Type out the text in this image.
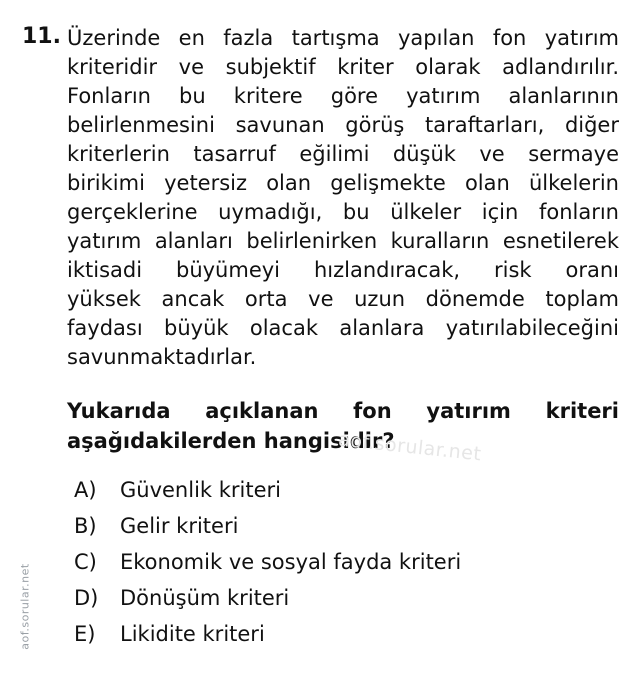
11. Üzerinde en fazla tartışma yapılan fon yatırım
kriteridir ve subjektif kriter olarak adlandırılır.
Fonların bu kritere göre yatırım alanlarının
belirlenmesini savunan görüş taraftarları, diğer
kriterlerin tasarruf eğilimi düşük ve sermaye
birikimi yetersiz olan gelişmekte olan ülkelerin
gerçeklerine uymadığı, bu ülkeler için fonların
yatırım alanları belirlenirken kuralların esnetilerek
iktisadi büyümeyi hızlandıracak, risk oranı
yüksek ancak orta ve uzun dönemde toplam
faydası büyük olacak alanlara yatırılabileceğini
savunmaktadırlar.
Yukarıda açıklanan fon yatırım kriteri
aşağıdakilerden hangisidir?
aof.sorular.net
A)	Güvenlik kriteri
B)	Gelir kriteri
C)	Ekonomik ve sosyal fayda kriteri
D)	Dönüşüm kriteri
E)	Likidite kriteri
aof.sorular.net
